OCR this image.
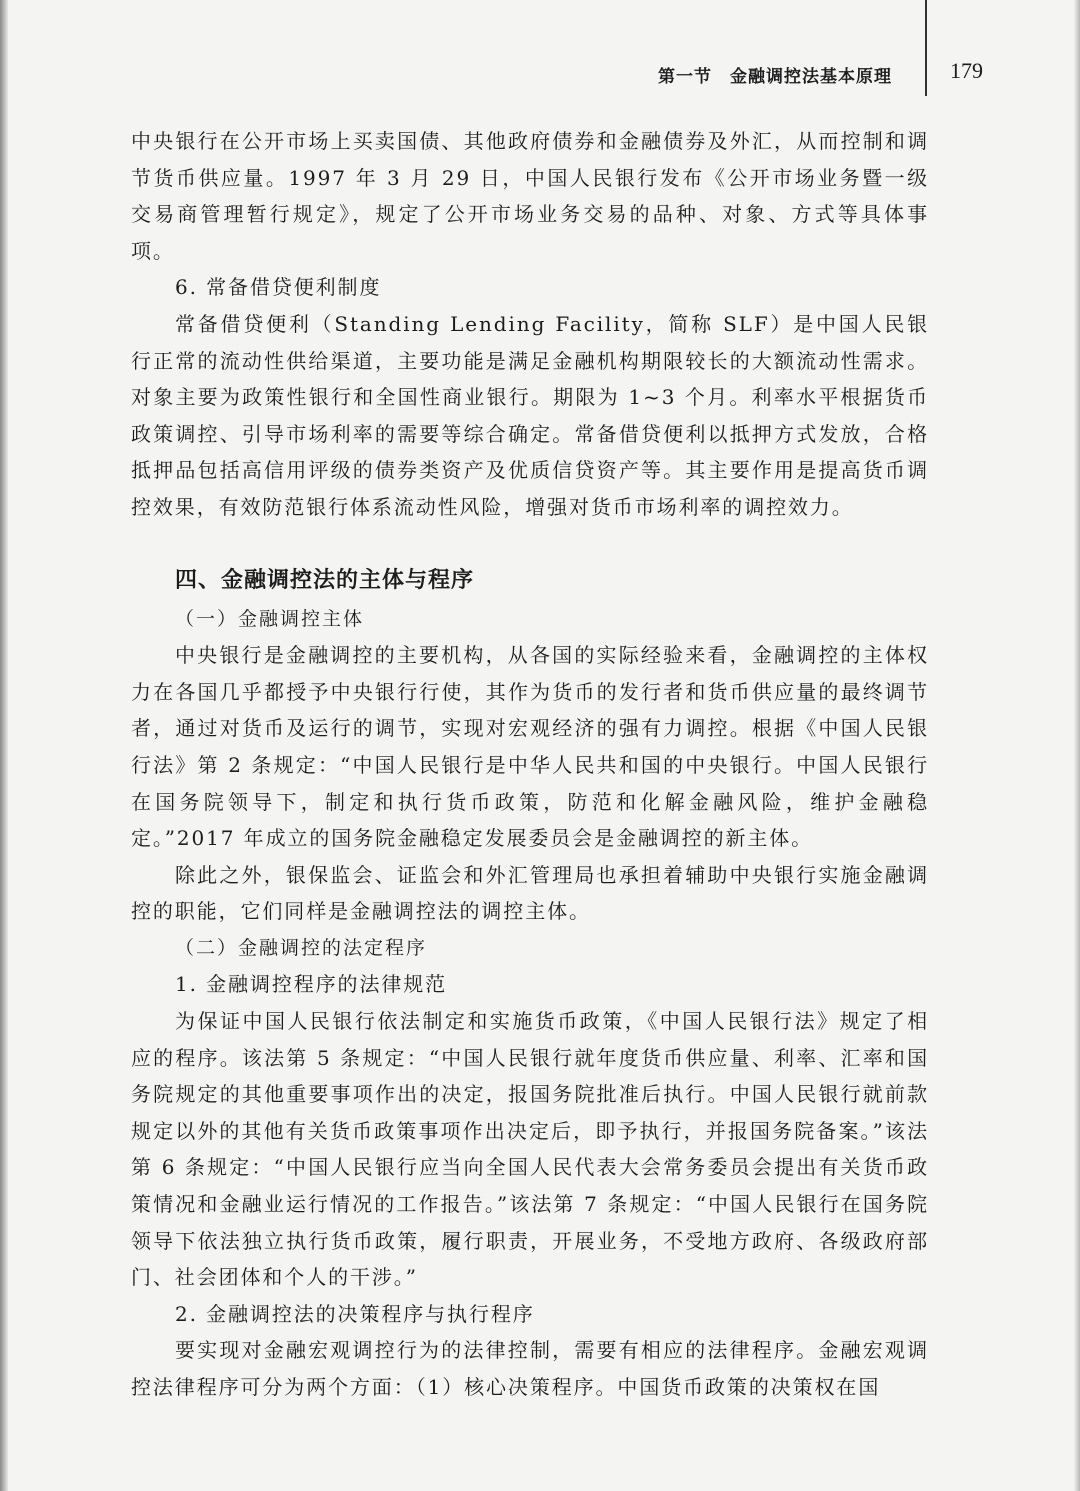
第一节　金融调控法基本原理	179

中央银行在公开市场上买卖国债、其他政府债券和金融债券及外汇，从而控制和调节货币供应量。1997 年 3 月 29 日，中国人民银行发布《公开市场业务暨一级交易商管理暂行规定》，规定了公开市场业务交易的品种、对象、方式等具体事项。

6. 常备借贷便利制度

常备借贷便利（Standing Lending Facility，简称 SLF）是中国人民银行正常的流动性供给渠道，主要功能是满足金融机构期限较长的大额流动性需求。对象主要为政策性银行和全国性商业银行。期限为 1~3 个月。利率水平根据货币政策调控、引导市场利率的需要等综合确定。常备借贷便利以抵押方式发放，合格抵押品包括高信用评级的债券类资产及优质信贷资产等。其主要作用是提高货币调控效果，有效防范银行体系流动性风险，增强对货币市场利率的调控效力。

四、金融调控法的主体与程序
（一）金融调控主体

中央银行是金融调控的主要机构，从各国的实际经验来看，金融调控的主体权力在各国几乎都授予中央银行行使，其作为货币的发行者和货币供应量的最终调节者，通过对货币及运行的调节，实现对宏观经济的强有力调控。根据《中国人民银行法》第 2 条规定：“中国人民银行是中华人民共和国的中央银行。中国人民银行在国务院领导下，制定和执行货币政策，防范和化解金融风险，维护金融稳定。”2017 年成立的国务院金融稳定发展委员会是金融调控的新主体。

除此之外，银保监会、证监会和外汇管理局也承担着辅助中央银行实施金融调控的职能，它们同样是金融调控法的调控主体。

（二）金融调控的法定程序

1. 金融调控程序的法律规范

为保证中国人民银行依法制定和实施货币政策，《中国人民银行法》规定了相应的程序。该法第 5 条规定：“中国人民银行就年度货币供应量、利率、汇率和国务院规定的其他重要事项作出的决定，报国务院批准后执行。中国人民银行就前款规定以外的其他有关货币政策事项作出决定后，即予执行，并报国务院备案。”该法第 6 条规定：“中国人民银行应当向全国人民代表大会常务委员会提出有关货币政策情况和金融业运行情况的工作报告。”该法第 7 条规定：“中国人民银行在国务院领导下依法独立执行货币政策，履行职责，开展业务，不受地方政府、各级政府部门、社会团体和个人的干涉。”

2. 金融调控法的决策程序与执行程序

要实现对金融宏观调控行为的法律控制，需要有相应的法律程序。金融宏观调控法律程序可分为两个方面：（1）核心决策程序。中国货币政策的决策权在国
